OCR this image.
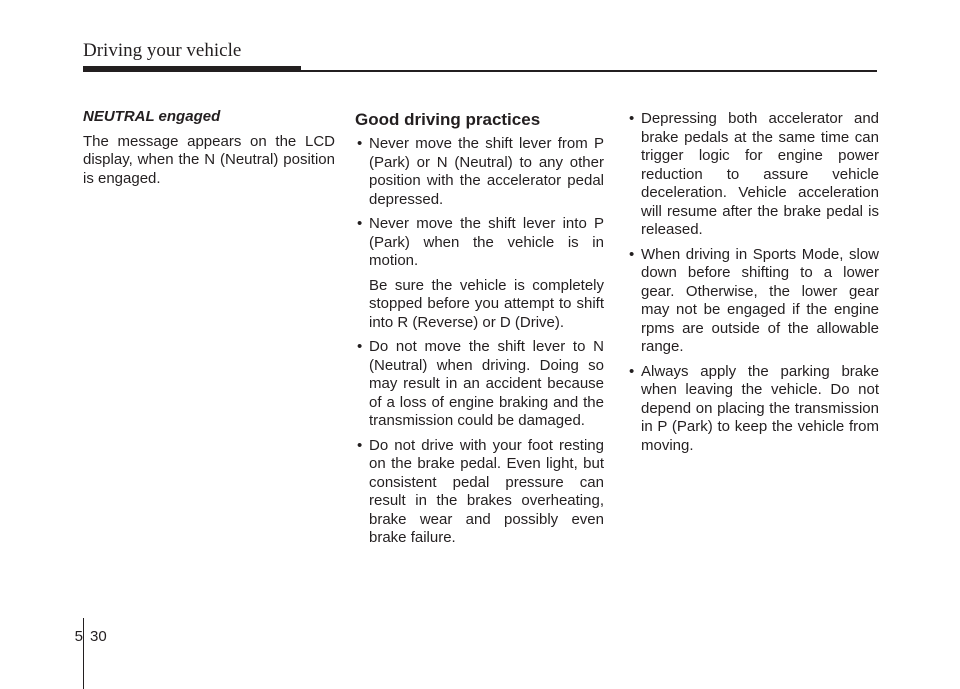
Driving your vehicle
NEUTRAL engaged
The message appears on the LCD display, when the N (Neutral) position is engaged.
Good driving practices
• Never move the shift lever from P (Park) or N (Neutral) to any other position with the accelerator pedal depressed.
• Never move the shift lever into P (Park) when the vehicle is in motion.
Be sure the vehicle is completely stopped before you attempt to shift into R (Reverse) or D (Drive).
• Do not move the shift lever to N (Neutral) when driving. Doing so may result in an accident because of a loss of engine braking and the transmission could be damaged.
• Do not drive with your foot resting on the brake pedal. Even light, but consistent pedal pressure can result in the brakes overheating, brake wear and possibly even brake failure.
• Depressing both accelerator and brake pedals at the same time can trigger logic for engine power reduction to assure vehicle deceleration. Vehicle acceleration will resume after the brake pedal is released.
• When driving in Sports Mode, slow down before shifting to a lower gear. Otherwise, the lower gear may not be engaged if the engine rpms are outside of the allowable range.
• Always apply the parking brake when leaving the vehicle. Do not depend on placing the transmission in P (Park) to keep the vehicle from moving.
5 30
